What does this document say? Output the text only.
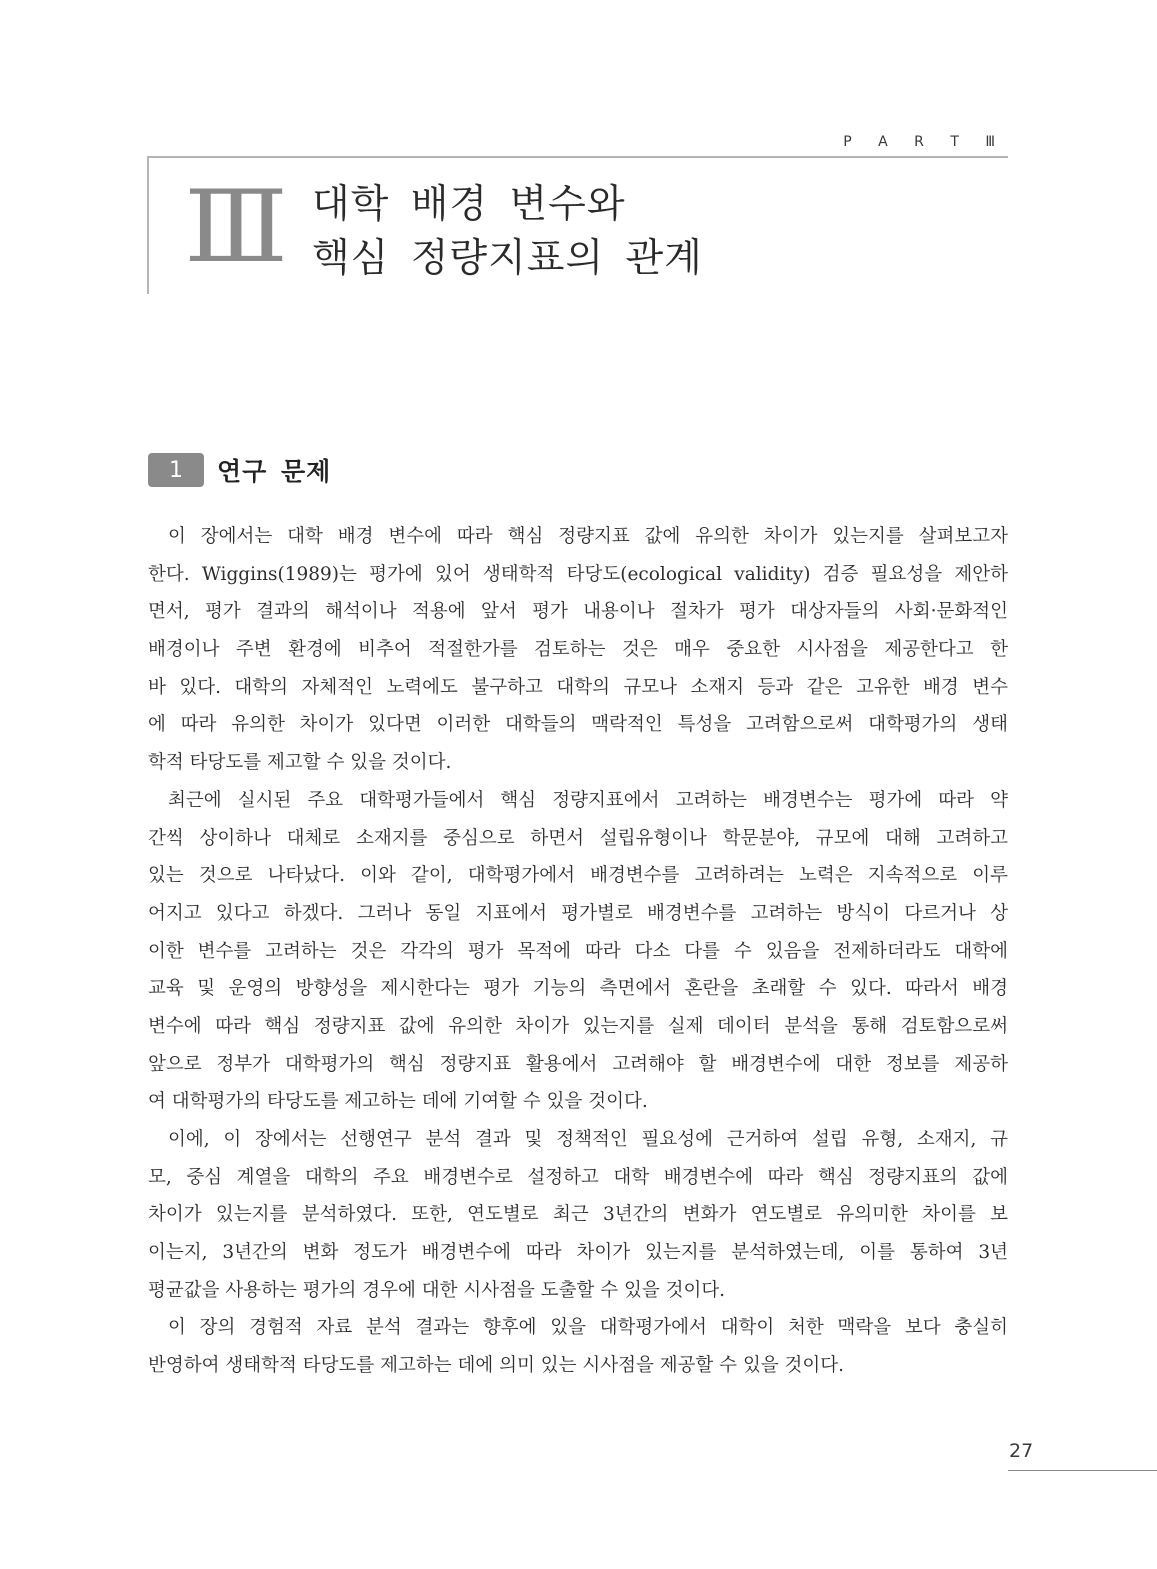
P A R T Ⅲ
Ⅲ 대학 배경 변수와
핵심 정량지표의 관계
1	연구 문제
이 장에서는 대학 배경 변수에 따라 핵심 정량지표 값에 유의한 차이가 있는지를 살펴보고자
한다. Wiggins(1989)는 평가에 있어 생태학적 타당도(ecological validity) 검증 필요성을 제안하
면서, 평가 결과의 해석이나 적용에 앞서 평가 내용이나 절차가 평가 대상자들의 사회·문화적인
배경이나 주변 환경에 비추어 적절한가를 검토하는 것은 매우 중요한 시사점을 제공한다고 한
바 있다. 대학의 자체적인 노력에도 불구하고 대학의 규모나 소재지 등과 같은 고유한 배경 변수
에 따라 유의한 차이가 있다면 이러한 대학들의 맥락적인 특성을 고려함으로써 대학평가의 생태
학적 타당도를 제고할 수 있을 것이다.
최근에 실시된 주요 대학평가들에서 핵심 정량지표에서 고려하는 배경변수는 평가에 따라 약
간씩 상이하나 대체로 소재지를 중심으로 하면서 설립유형이나 학문분야, 규모에 대해 고려하고
있는 것으로 나타났다. 이와 같이, 대학평가에서 배경변수를 고려하려는 노력은 지속적으로 이루
어지고 있다고 하겠다. 그러나 동일 지표에서 평가별로 배경변수를 고려하는 방식이 다르거나 상
이한 변수를 고려하는 것은 각각의 평가 목적에 따라 다소 다를 수 있음을 전제하더라도 대학에
교육 및 운영의 방향성을 제시한다는 평가 기능의 측면에서 혼란을 초래할 수 있다. 따라서 배경
변수에 따라 핵심 정량지표 값에 유의한 차이가 있는지를 실제 데이터 분석을 통해 검토함으로써
앞으로 정부가 대학평가의 핵심 정량지표 활용에서 고려해야 할 배경변수에 대한 정보를 제공하
여 대학평가의 타당도를 제고하는 데에 기여할 수 있을 것이다.
이에, 이 장에서는 선행연구 분석 결과 및 정책적인 필요성에 근거하여 설립 유형, 소재지, 규
모, 중심 계열을 대학의 주요 배경변수로 설정하고 대학 배경변수에 따라 핵심 정량지표의 값에
차이가 있는지를 분석하였다. 또한, 연도별로 최근 3년간의 변화가 연도별로 유의미한 차이를 보
이는지, 3년간의 변화 정도가 배경변수에 따라 차이가 있는지를 분석하였는데, 이를 통하여 3년
평균값을 사용하는 평가의 경우에 대한 시사점을 도출할 수 있을 것이다.
이 장의 경험적 자료 분석 결과는 향후에 있을 대학평가에서 대학이 처한 맥락을 보다 충실히
반영하여 생태학적 타당도를 제고하는 데에 의미 있는 시사점을 제공할 수 있을 것이다.
27
